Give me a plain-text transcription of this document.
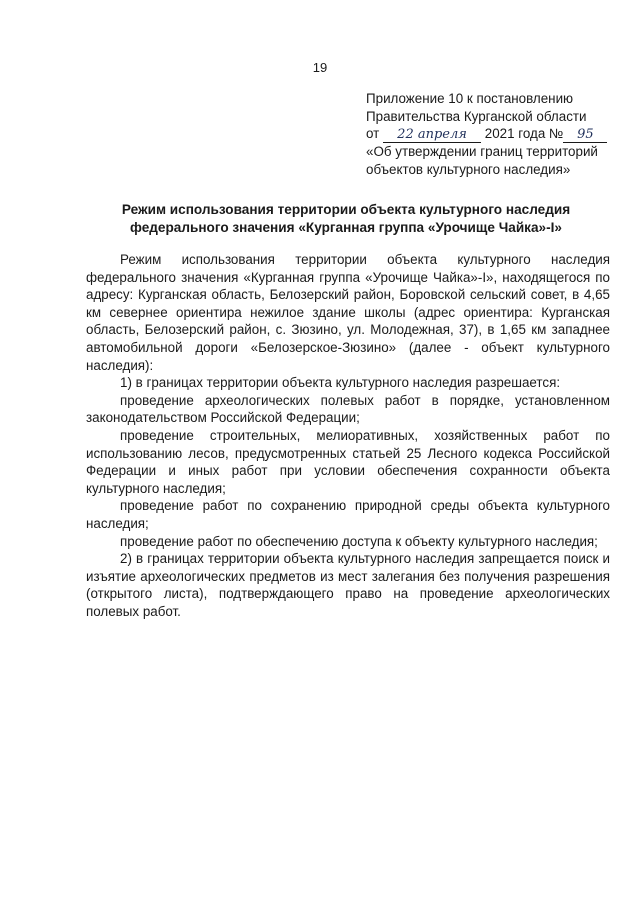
19
Приложение 10 к постановлению
Правительства Курганской области
от 22 апреля 2021 года № 95
«Об утверждении границ территорий
объектов культурного наследия»
Режим использования территории объекта культурного наследия
федерального значения «Курганная группа «Урочище Чайка»-I»

Режим использования территории объекта культурного наследия федерального значения «Курганная группа «Урочище Чайка»-I», находящегося по адресу: Курганская область, Белозерский район, Боровской сельский совет, в 4,65 км севернее ориентира нежилое здание школы (адрес ориентира: Курганская область, Белозерский район, с. Зюзино, ул. Молодежная, 37), в 1,65 км западнее автомобильной дороги «Белозерское-Зюзино» (далее - объект культурного наследия):

1) в границах территории объекта культурного наследия разрешается:

проведение археологических полевых работ в порядке, установленном законодательством Российской Федерации;

проведение строительных, мелиоративных, хозяйственных работ по использованию лесов, предусмотренных статьей 25 Лесного кодекса Российской Федерации и иных работ при условии обеспечения сохранности объекта культурного наследия;

проведение работ по сохранению природной среды объекта культурного наследия;

проведение работ по обеспечению доступа к объекту культурного наследия;

2) в границах территории объекта культурного наследия запрещается поиск и изъятие археологических предметов из мест залегания без получения разрешения (открытого листа), подтверждающего право на проведение археологических полевых работ.
